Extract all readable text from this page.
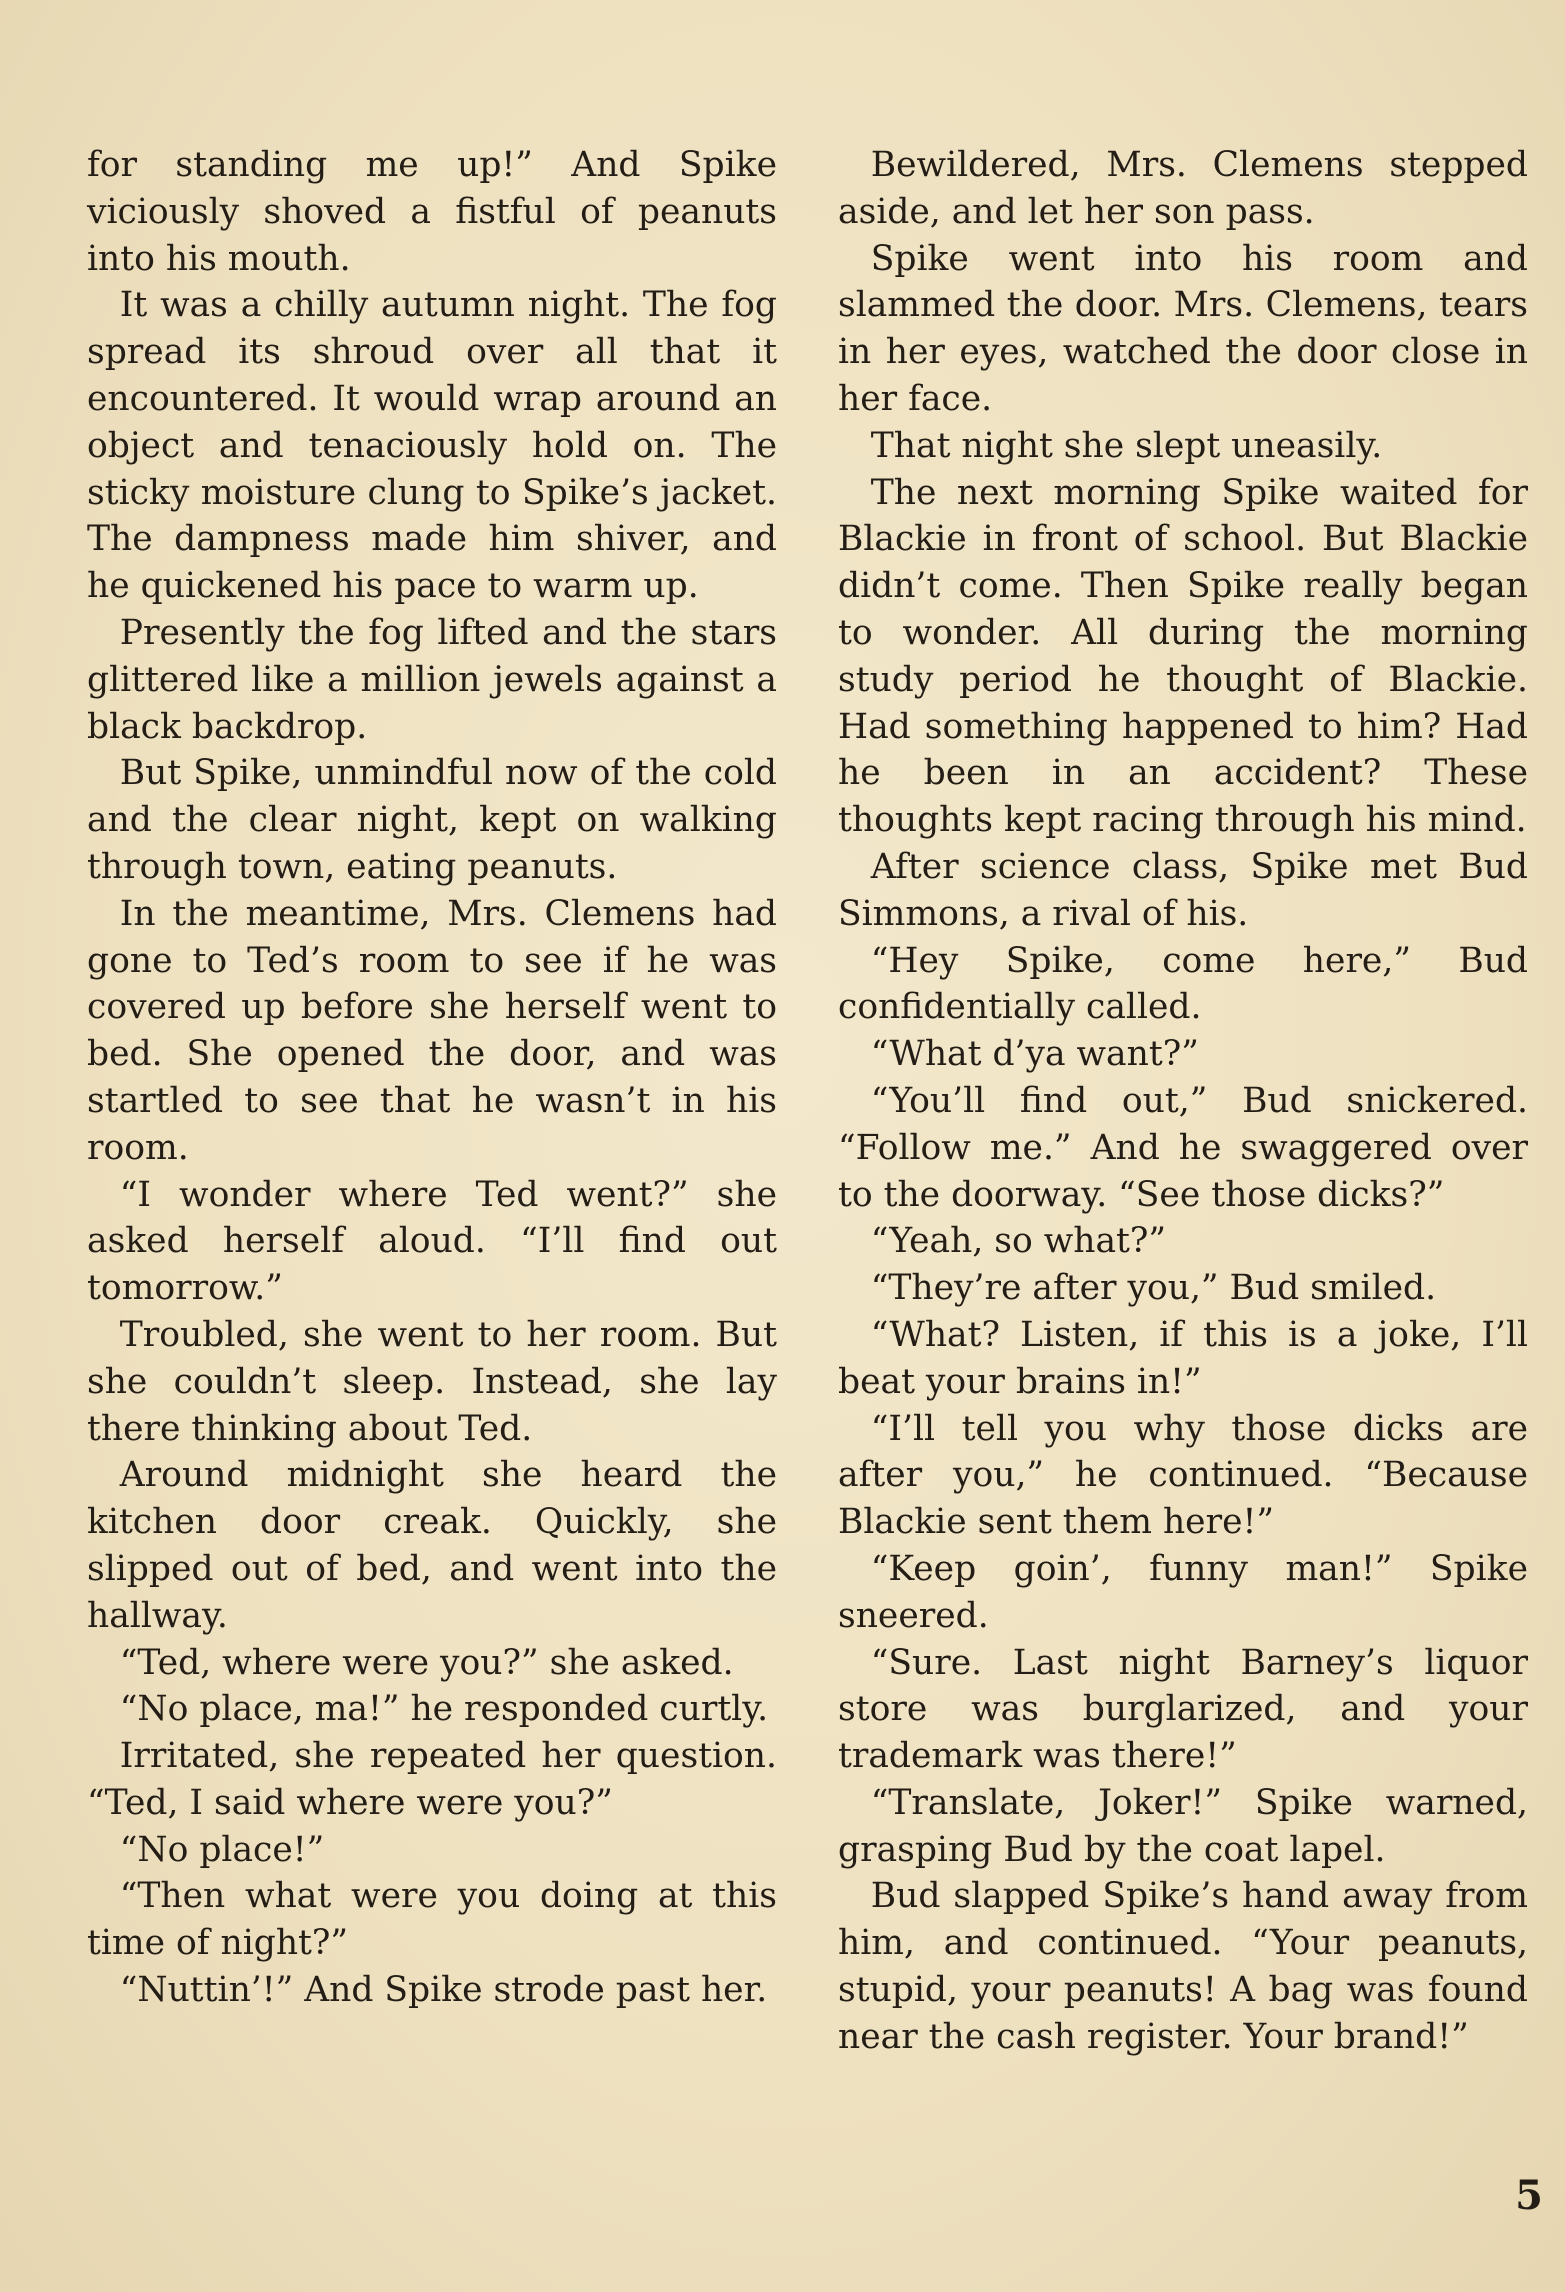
for standing me up!” And Spike viciously shoved a fistful of peanuts into his mouth.

It was a chilly autumn night. The fog spread its shroud over all that it encountered. It would wrap around an object and tenaciously hold on. The sticky moisture clung to Spike’s jacket. The dampness made him shiver, and he quickened his pace to warm up.

Presently the fog lifted and the stars glittered like a million jewels against a black backdrop.

But Spike, unmindful now of the cold and the clear night, kept on walking through town, eating peanuts.

In the meantime, Mrs. Clemens had gone to Ted’s room to see if he was covered up before she herself went to bed. She opened the door, and was startled to see that he wasn’t in his room.

“I wonder where Ted went?” she asked herself aloud. “I’ll find out tomorrow.”

Troubled, she went to her room. But she couldn’t sleep. Instead, she lay there thinking about Ted.

Around midnight she heard the kitchen door creak. Quickly, she slipped out of bed, and went into the hallway.

“Ted, where were you?” she asked.

“No place, ma!” he responded curtly.

Irritated, she repeated her question. “Ted, I said where were you?”

“No place!”

“Then what were you doing at this time of night?”

“Nuttin’!” And Spike strode past her.

Bewildered, Mrs. Clemens stepped aside, and let her son pass.

Spike went into his room and slammed the door. Mrs. Clemens, tears in her eyes, watched the door close in her face.

That night she slept uneasily.

The next morning Spike waited for Blackie in front of school. But Blackie didn’t come. Then Spike really began to wonder. All during the morning study period he thought of Blackie. Had something happened to him? Had he been in an accident? These thoughts kept racing through his mind.

After science class, Spike met Bud Simmons, a rival of his.

“Hey Spike, come here,” Bud confidentially called.

“What d’ya want?”

“You’ll find out,” Bud snickered. “Follow me.” And he swaggered over to the doorway. “See those dicks?”

“Yeah, so what?”

“They’re after you,” Bud smiled.

“What? Listen, if this is a joke, I’ll beat your brains in!”

“I’ll tell you why those dicks are after you,” he continued. “Because Blackie sent them here!”

“Keep goin’, funny man!” Spike sneered.

“Sure. Last night Barney’s liquor store was burglarized, and your trademark was there!”

“Translate, Joker!” Spike warned, grasping Bud by the coat lapel.

Bud slapped Spike’s hand away from him, and continued. “Your peanuts, stupid, your peanuts! A bag was found near the cash register. Your brand!”

5
